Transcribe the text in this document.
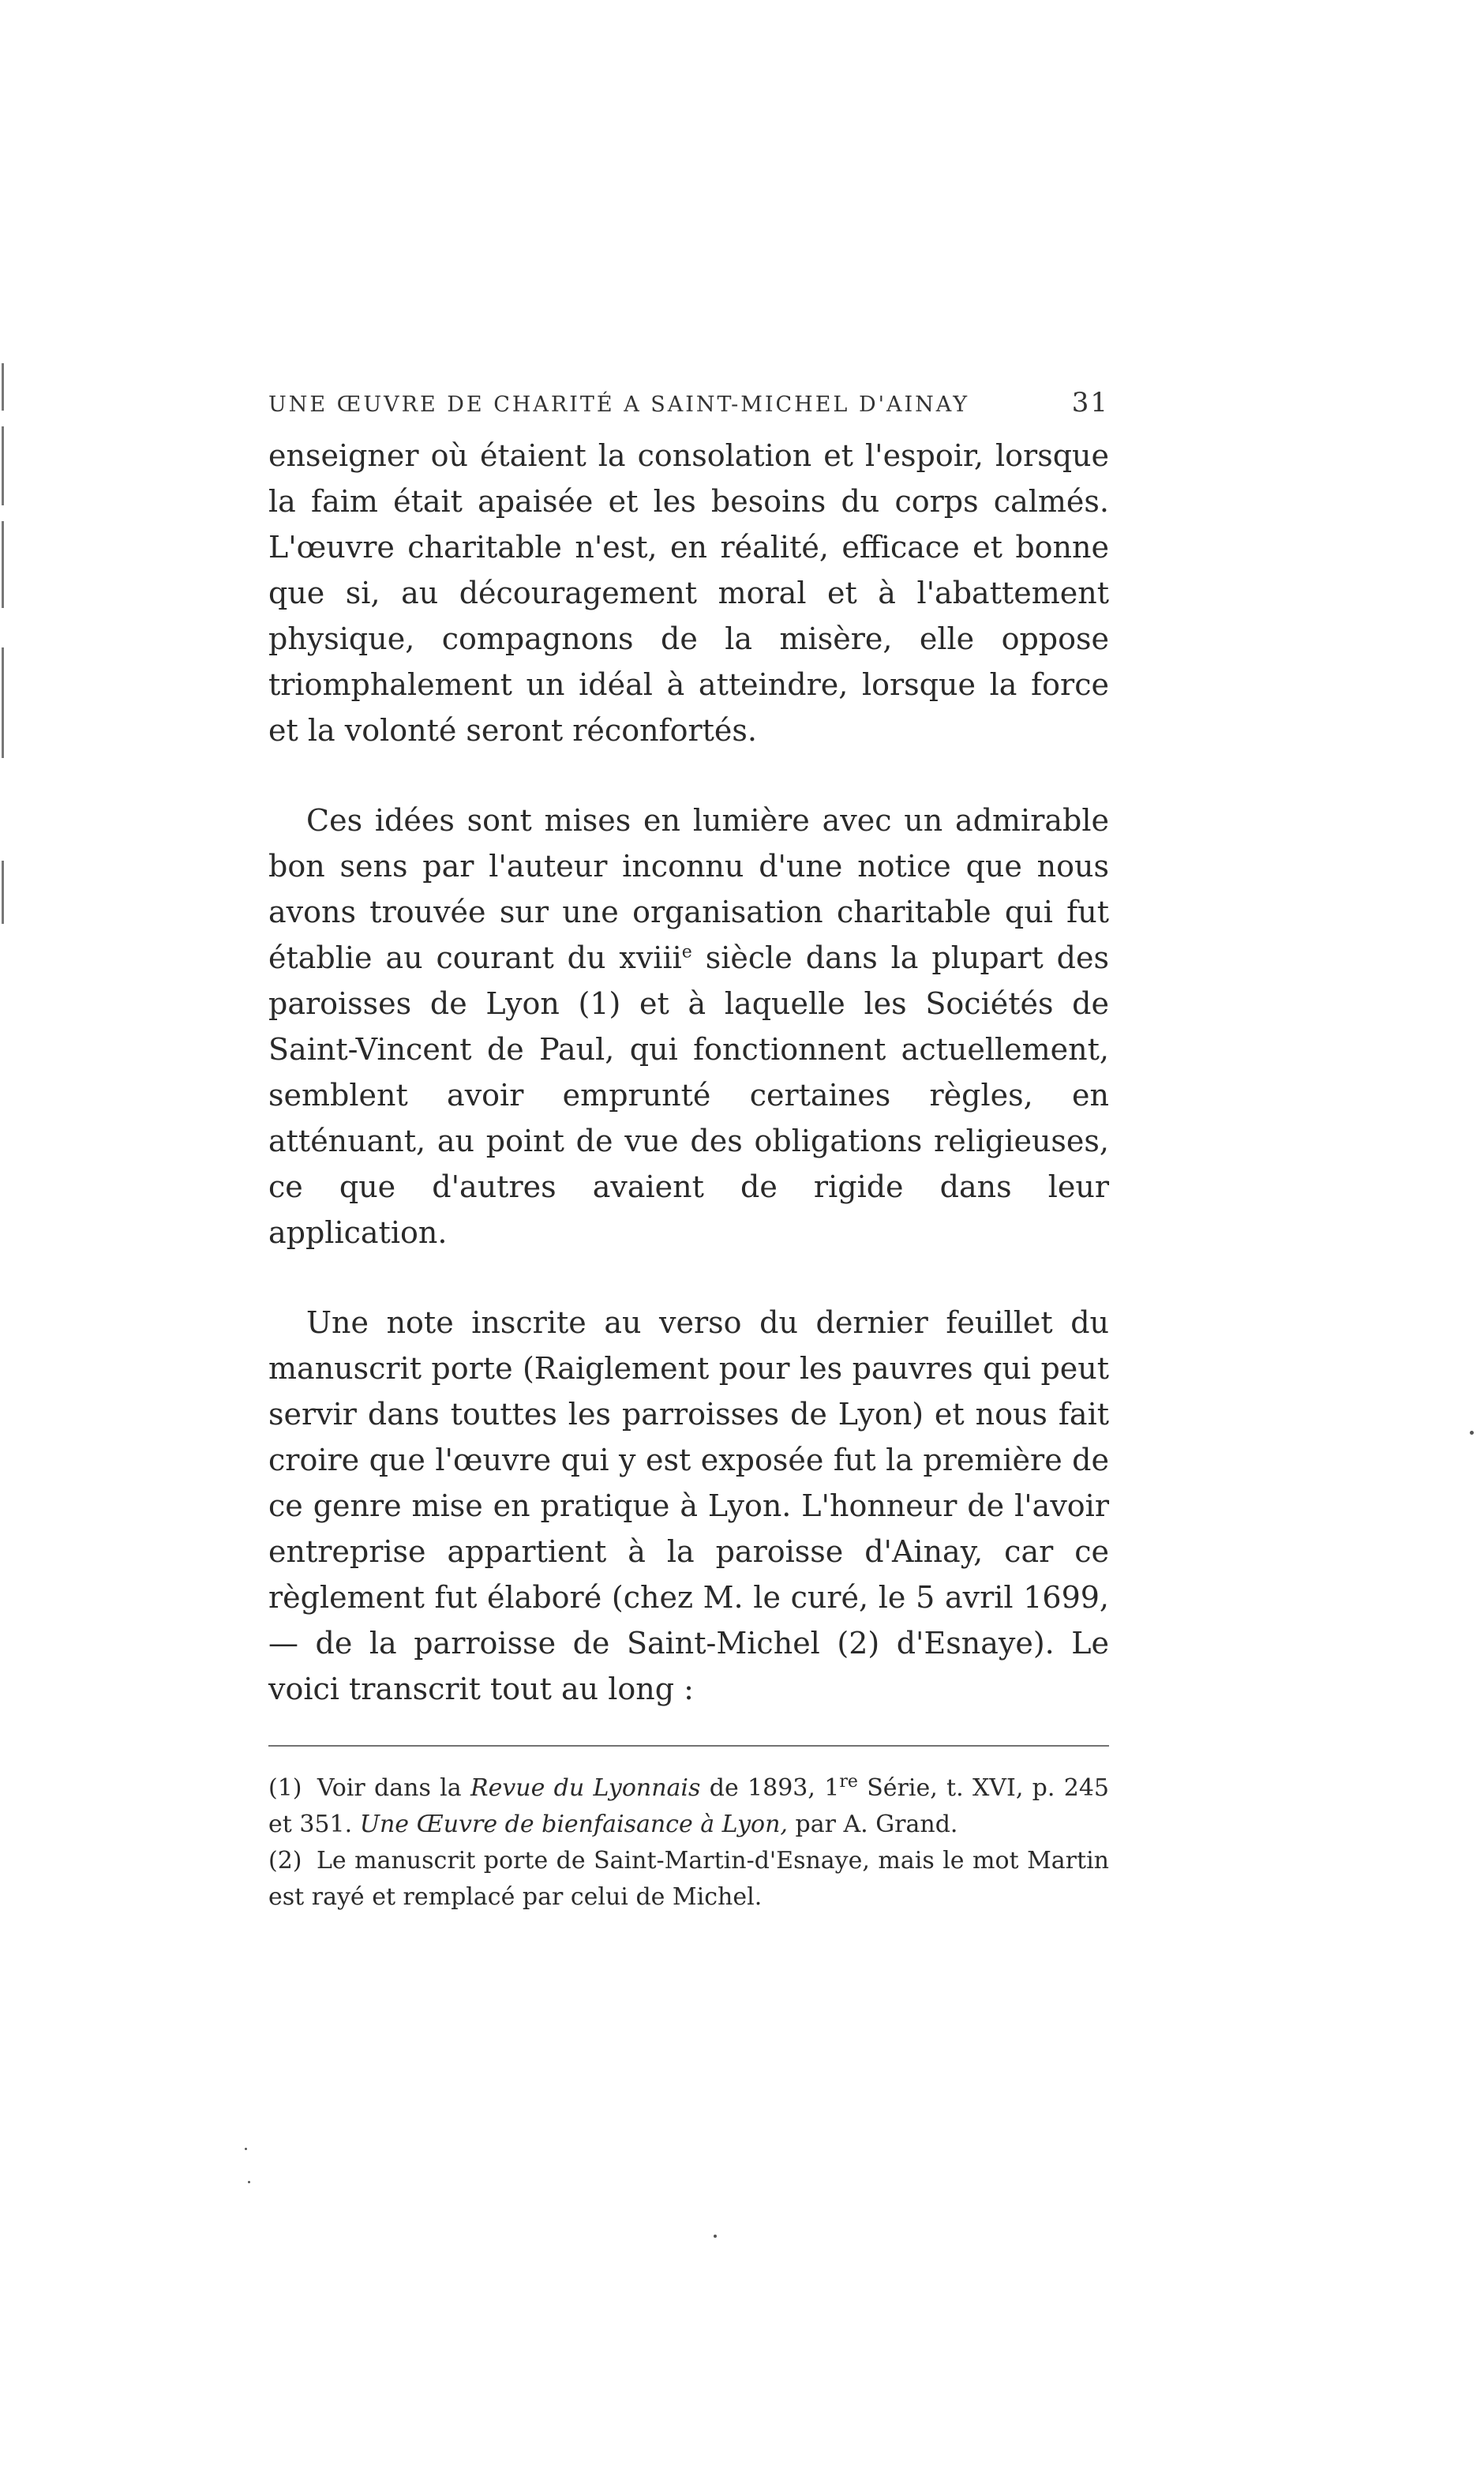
UNE ŒUVRE DE CHARITÉ A SAINT-MICHEL D'AINAY	31

enseigner où étaient la consolation et l'espoir, lorsque la faim était apaisée et les besoins du corps calmés. L'œuvre charitable n'est, en réalité, efficace et bonne que si, au découragement moral et à l'abattement physique, compagnons de la misère, elle oppose triomphalement un idéal à atteindre, lorsque la force et la volonté seront réconfortés.

Ces idées sont mises en lumière avec un admirable bon sens par l'auteur inconnu d'une notice que nous avons trouvée sur une organisation charitable qui fut établie au courant du xviii$^e$ siècle dans la plupart des paroisses de Lyon (1) et à laquelle les Sociétés de Saint-Vincent de Paul, qui fonctionnent actuellement, semblent avoir emprunté certaines règles, en atténuant, au point de vue des obligations religieuses, ce que d'autres avaient de rigide dans leur application.

Une note inscrite au verso du dernier feuillet du manuscrit porte (Raiglement pour les pauvres qui peut servir dans touttes les parroisses de Lyon) et nous fait croire que l'œuvre qui y est exposée fut la première de ce genre mise en pratique à Lyon. L'honneur de l'avoir entreprise appartient à la paroisse d'Ainay, car ce règlement fut élaboré (chez M. le curé, le 5 avril 1699, — de la parroisse de Saint-Michel (2) d'Esnaye). Le voici transcrit tout au long :

(1) Voir dans la Revue du Lyonnais de 1893, 1re Série, t. XVI, p. 245 et 351. Une Œuvre de bienfaisance à Lyon, par A. Grand.

(2) Le manuscrit porte de Saint-Martin-d'Esnaye, mais le mot Martin est rayé et remplacé par celui de Michel.
